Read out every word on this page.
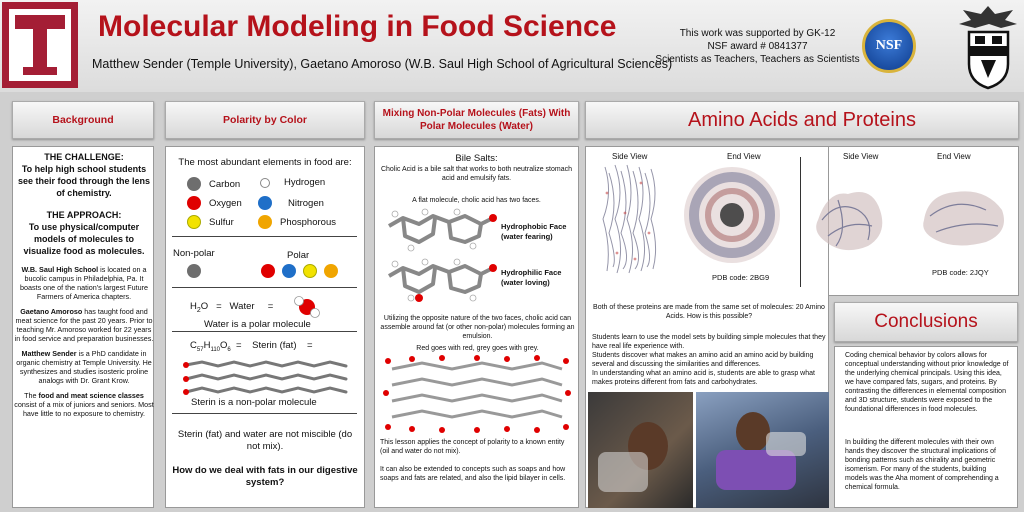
Molecular Modeling in Food Science
Matthew Sender (Temple University), Gaetano Amoroso (W.B. Saul High School of Agricultural Sciences)
This work was supported by GK-12
NSF award # 0841377
Scientists as Teachers, Teachers as Scientists
NSF
Background	Polarity by Color
Mixing Non-Polar Molecules (Fats) With Polar Molecules (Water)	Amino Acids and Proteins
Conclusions

THE CHALLENGE:

To help high school students see their food through the lens of chemistry.

THE APPROACH:

To use physical/computer models of molecules to visualize food as molecules.

W.B. Saul High School is located on a bucolic campus in Philadelphia, Pa. It boasts one of the nation's largest Future Farmers of America chapters.

Gaetano Amoroso has taught food and meat science for the past 20 years. Prior to teaching Mr. Amoroso worked for 22 years in food service and preparation businesses.

Matthew Sender is a PhD candidate in organic chemistry at Temple University. He synthesizes and studies isosteric proline analogs with Dr. Grant Krow.

The food and meat science classes consist of a mix of juniors and seniors. Most have little to no exposure to chemistry.

The most abundant elements in food are:
Carbon	Hydrogen
Oxygen	Nitrogen
Sulfur	Phosphorous
Non-polar	Polar
$H_2O$   =   Water     =
Water is a polar molecule
$C_{57}H_{110}O_6$  =    Sterin (fat)    =
Sterin is a non-polar molecule
Sterin (fat) and water are not miscible (do not mix).
How do we deal with fats in our digestive system?
Bile Salts:
Cholic Acid is a bile salt that works to both neutralize stomach acid and emulsify fats.
A flat molecule, cholic acid has two faces.
Hydrophobic Face (water fearing)
Hydrophilic Face (water loving)
Utilizing the opposite nature of the two faces, cholic acid can assemble around fat (or other non-polar) molecules forming an emulsion.
Red goes with red, grey goes with grey.
This lesson applies the concept of polarity to a known entity (oil and water do not mix).
It can also be extended to concepts such as soaps and how soaps and fats are related, and also the lipid bilayer in cells.
Side View	End View	Side View	End View
PDB code: 2BG9
PDB code: 2JQY
Both of these proteins are made from the same set of molecules: 20 Amino Acids. How is this possible?
Students learn to use the model sets by building simple molecules that they have real life experience with.
Students discover what makes an amino acid an amino acid by building several and discussing the similarities and differences.
In understanding what an amino acid is, students are able to grasp what makes proteins different from fats and carbohydrates.
Coding chemical behavior by colors allows for conceptual understanding without prior knowledge of the underlying chemical principals. Using this idea, we have compared fats, sugars, and proteins. By contrasting the differences in elemental composition and 3D structure, students were exposed to the foundational differences in food molecules.
In building the different molecules with their own hands they discover the structural implications of bonding patterns such as chirality and geometric isomerism. For many of the students, building models was the Aha moment of comprehending a chemical formula.
